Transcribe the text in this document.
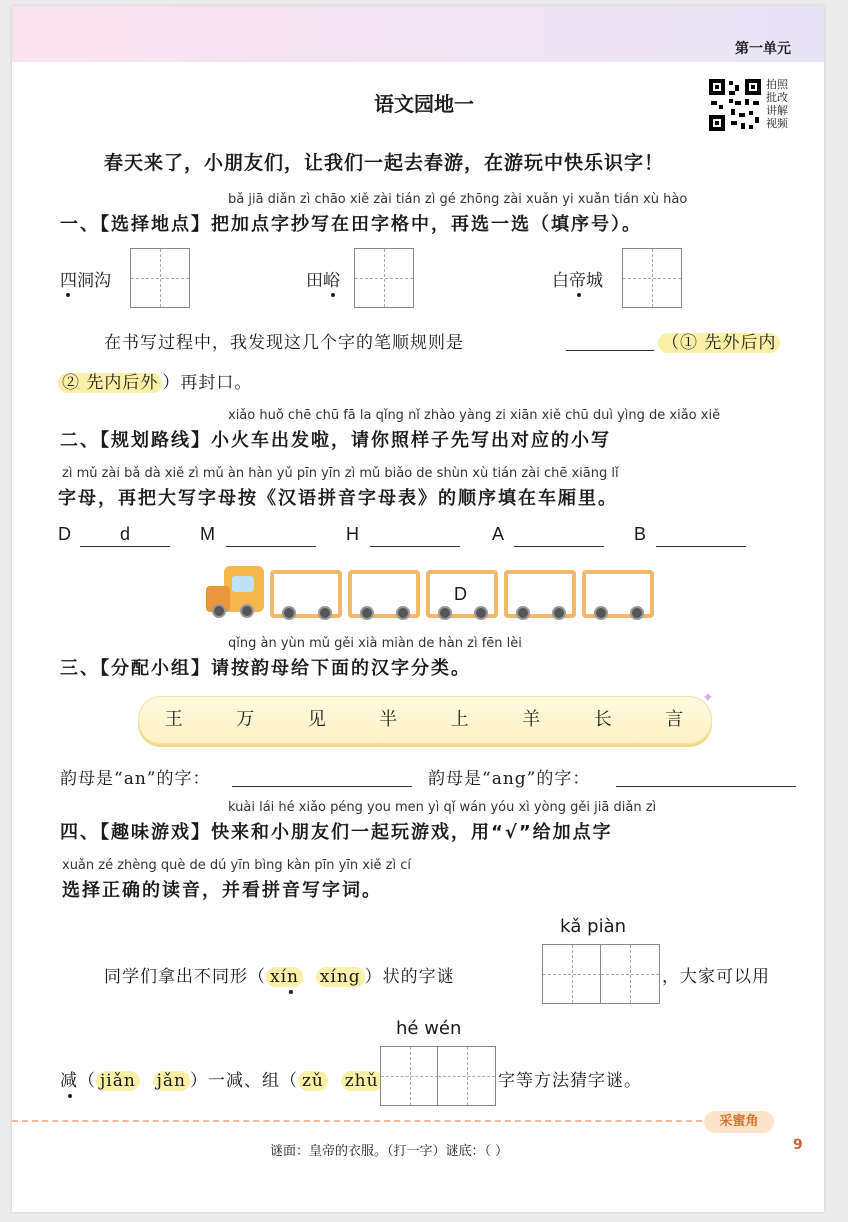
第一单元
语文园地一
拍照批改 讲解视频
春天来了，小朋友们，让我们一起去春游，在游玩中快乐识字！
bǎ jiā diǎn zì chāo xiě zài tián zì gé zhōng zài xuǎn yi xuǎn tián xù hào
一、【选择地点】把加点字抄写在田字格中，再选一选（填序号）。
四洞沟	田峪	白帝城
在书写过程中，我发现这几个字的笔顺规则是	（① 先外后内
② 先内后外 ）再封口。
xiǎo huǒ chē chū fā la qǐng nǐ zhào yàng zi xiān xiě chū duì yìng de xiǎo xiě
二、【规划路线】小火车出发啦，请你照样子先写出对应的小写
zì mǔ zài bǎ dà xiě zì mǔ àn hàn yǔ pīn yīn zì mǔ biǎo de shùn xù tián zài chē xiāng lǐ
字母，再把大写字母按《汉语拼音字母表》的顺序填在车厢里。
D	d	M	H	A	B
D
qǐng àn yùn mǔ gěi xià miàn de hàn zì fēn lèi
三、【分配小组】请按韵母给下面的汉字分类。
✦
王	万	见	半	上	羊	长	言
韵母是“an”的字：	韵母是“ang”的字：
kuài lái hé xiǎo péng you men yì qǐ wán yóu xì yòng gěi jiā diǎn zì
四、【趣味游戏】快来和小朋友们一起玩游戏，用“√”给加点字
xuǎn zé zhèng què de dú yīn bìng kàn pīn yīn xiě zì cí
选择正确的读音，并看拼音写字词。
kǎ piàn
同学们拿出不同形（ xín xíng ）状的字谜	，大家可以用
hé wén
减（ jiǎn jǎn ）一减、组（ zǔ zhǔ	字等方法猜字谜。
采蜜角
谜面：皇帝的衣服。（打一字）谜底：（ ）	9
